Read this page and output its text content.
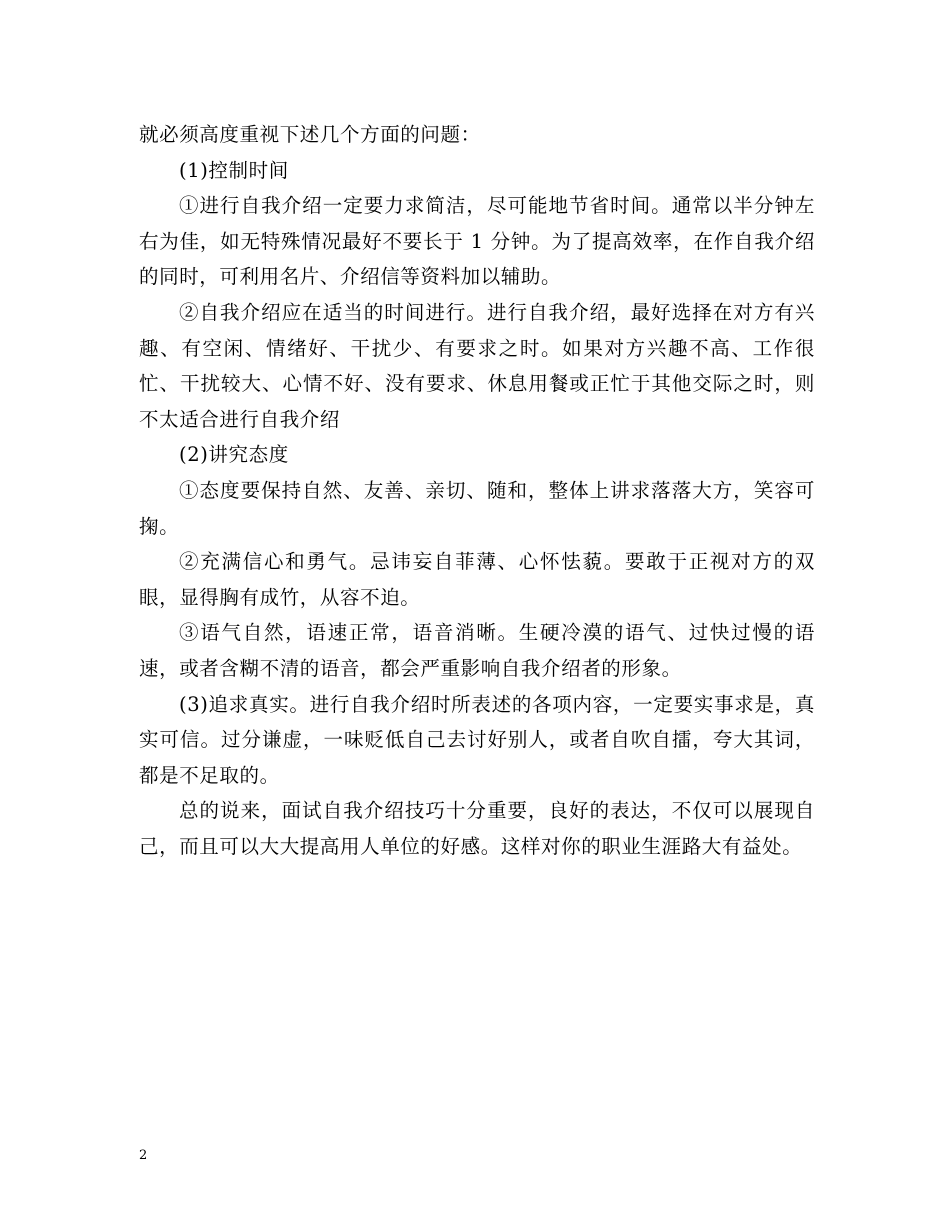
就必须高度重视下述几个方面的问题：

(1)控制时间

①进行自我介绍一定要力求简洁，尽可能地节省时间。通常以半分钟左右为佳，如无特殊情况最好不要长于 1 分钟。为了提高效率，在作自我介绍的同时，可利用名片、介绍信等资料加以辅助。

②自我介绍应在适当的时间进行。进行自我介绍，最好选择在对方有兴趣、有空闲、情绪好、干扰少、有要求之时。如果对方兴趣不高、工作很忙、干扰较大、心情不好、没有要求、休息用餐或正忙于其他交际之时，则不太适合进行自我介绍

(2)讲究态度

①态度要保持自然、友善、亲切、随和，整体上讲求落落大方，笑容可掬。

②充满信心和勇气。忌讳妄自菲薄、心怀怯藐。要敢于正视对方的双眼，显得胸有成竹，从容不迫。

③语气自然，语速正常，语音消晰。生硬冷漠的语气、过快过慢的语速，或者含糊不清的语音，都会严重影响自我介绍者的形象。

(3)追求真实。进行自我介绍时所表述的各项内容，一定要实事求是，真实可信。过分谦虚，一味贬低自己去讨好别人，或者自吹自擂，夸大其词，都是不足取的。

总的说来，面试自我介绍技巧十分重要，良好的表达，不仅可以展现自己，而且可以大大提高用人单位的好感。这样对你的职业生涯路大有益处。

2
